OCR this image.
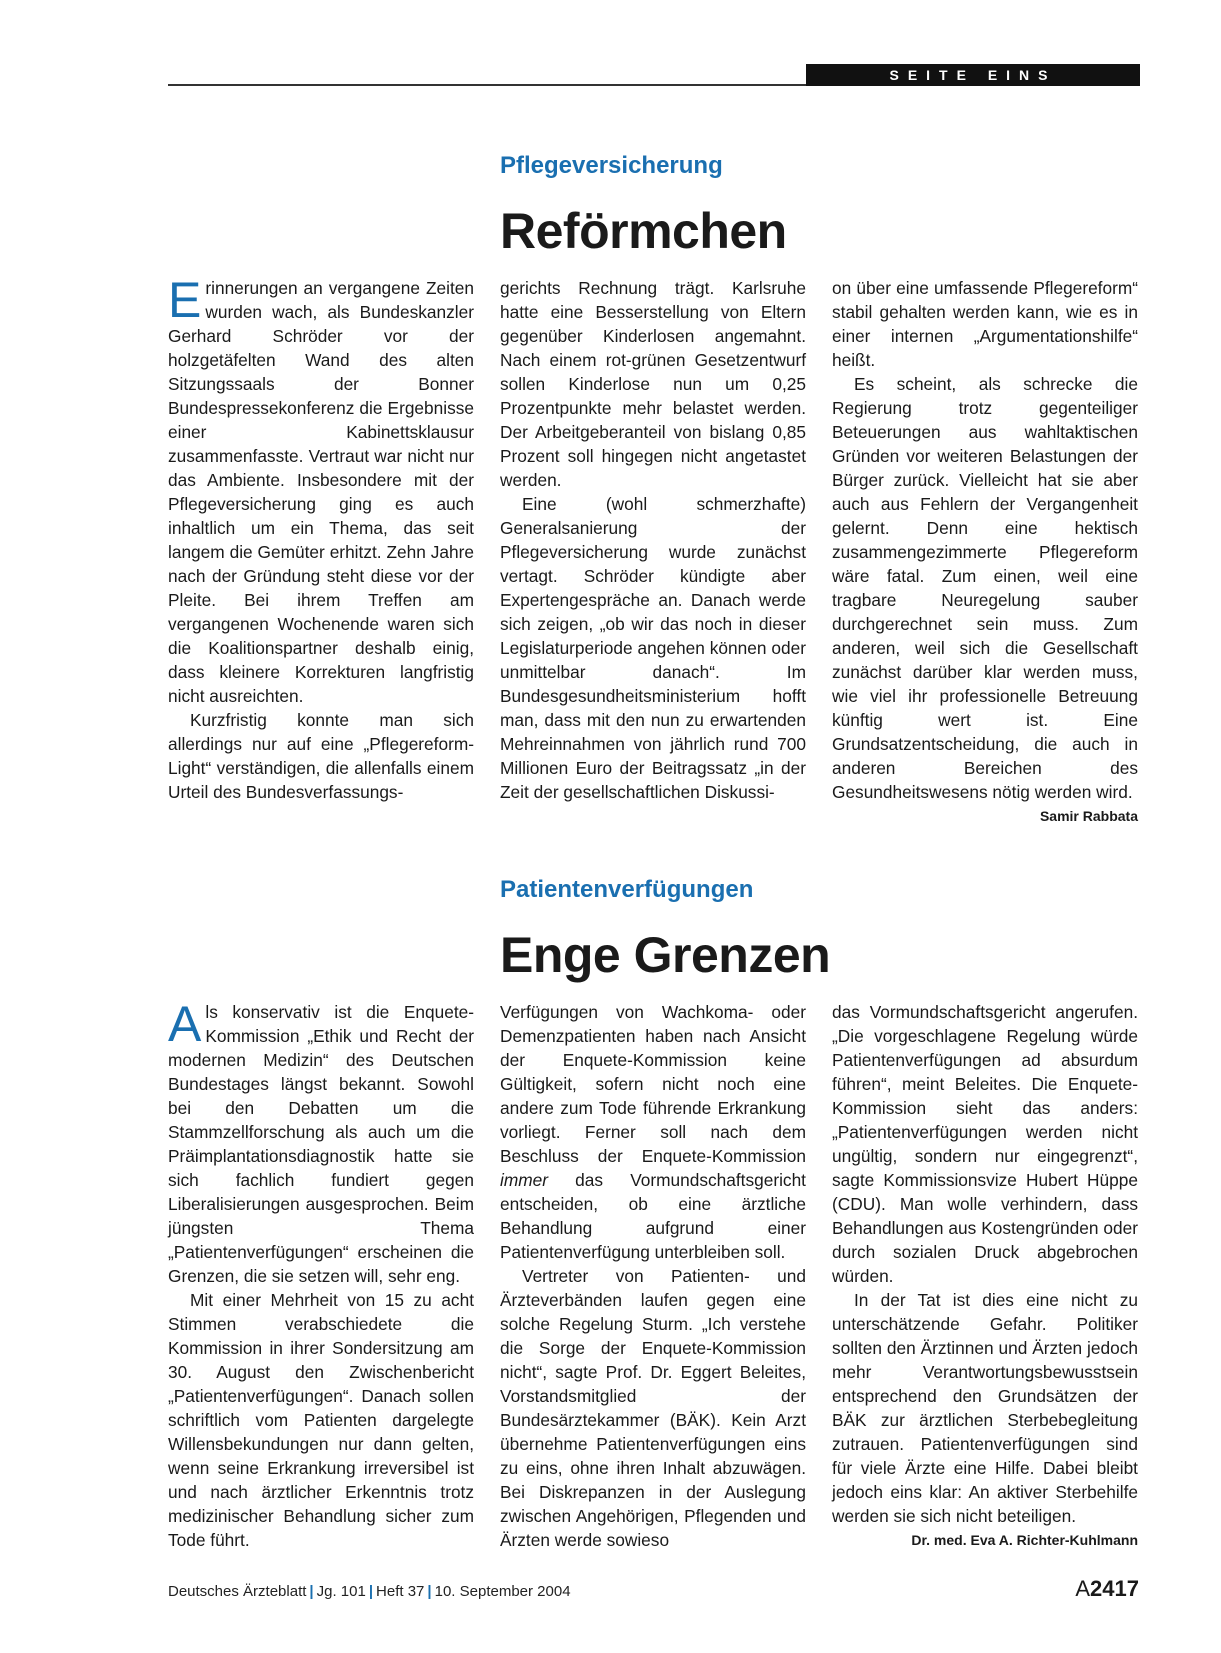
SEITE EINS
Pflegeversicherung
Reförmchen

Erinnerungen an vergangene Zeiten wurden wach, als Bundeskanzler Gerhard Schröder vor der holzgetäfelten Wand des alten Sitzungssaals der Bonner Bundespressekonferenz die Ergebnisse einer Kabinettsklausur zusammenfasste. Vertraut war nicht nur das Ambiente. Insbesondere mit der Pflegeversicherung ging es auch inhaltlich um ein Thema, das seit langem die Gemüter erhitzt. Zehn Jahre nach der Gründung steht diese vor der Pleite. Bei ihrem Treffen am vergangenen Wochenende waren sich die Koalitionspartner deshalb einig, dass kleinere Korrekturen langfristig nicht ausreichten.

Kurzfristig konnte man sich allerdings nur auf eine „Pflegereform-Light“ verständigen, die allenfalls einem Urteil des Bundesverfassungs-

gerichts Rechnung trägt. Karlsruhe hatte eine Besserstellung von Eltern gegenüber Kinderlosen angemahnt. Nach einem rot-grünen Gesetzentwurf sollen Kinderlose nun um 0,25 Prozentpunkte mehr belastet werden. Der Arbeitgeberanteil von bislang 0,85 Prozent soll hingegen nicht angetastet werden.

Eine (wohl schmerzhafte) Generalsanierung der Pflegeversicherung wurde zunächst vertagt. Schröder kündigte aber Expertengespräche an. Danach werde sich zeigen, „ob wir das noch in dieser Legislaturperiode angehen können oder unmittelbar danach“. Im Bundesgesundheitsministerium hofft man, dass mit den nun zu erwartenden Mehreinnahmen von jährlich rund 700 Millionen Euro der Beitragssatz „in der Zeit der gesellschaftlichen Diskussi-

on über eine umfassende Pflegereform“ stabil gehalten werden kann, wie es in einer internen „Argumentationshilfe“ heißt.

Es scheint, als schrecke die Regierung trotz gegenteiliger Beteuerungen aus wahltaktischen Gründen vor weiteren Belastungen der Bürger zurück. Vielleicht hat sie aber auch aus Fehlern der Vergangenheit gelernt. Denn eine hektisch zusammengezimmerte Pflegereform wäre fatal. Zum einen, weil eine tragbare Neuregelung sauber durchgerechnet sein muss. Zum anderen, weil sich die Gesellschaft zunächst darüber klar werden muss, wie viel ihr professionelle Betreuung künftig wert ist. Eine Grundsatzentscheidung, die auch in anderen Bereichen des Gesundheitswesens nötig werden wird.
Samir Rabbata

Patientenverfügungen
Enge Grenzen

Als konservativ ist die Enquete-Kommission „Ethik und Recht der modernen Medizin“ des Deutschen Bundestages längst bekannt. Sowohl bei den Debatten um die Stammzellforschung als auch um die Präimplantationsdiagnostik hatte sie sich fachlich fundiert gegen Liberalisierungen ausgesprochen. Beim jüngsten Thema „Patientenverfügungen“ erscheinen die Grenzen, die sie setzen will, sehr eng.

Mit einer Mehrheit von 15 zu acht Stimmen verabschiedete die Kommission in ihrer Sondersitzung am 30. August den Zwischenbericht „Patientenverfügungen“. Danach sollen schriftlich vom Patienten dargelegte Willensbekundungen nur dann gelten, wenn seine Erkrankung irreversibel ist und nach ärztlicher Erkenntnis trotz medizinischer Behandlung sicher zum Tode führt.

Verfügungen von Wachkoma- oder Demenzpatienten haben nach Ansicht der Enquete-Kommission keine Gültigkeit, sofern nicht noch eine andere zum Tode führende Erkrankung vorliegt. Ferner soll nach dem Beschluss der Enquete-Kommission immer das Vormundschaftsgericht entscheiden, ob eine ärztliche Behandlung aufgrund einer Patientenverfügung unterbleiben soll.

Vertreter von Patienten- und Ärzteverbänden laufen gegen eine solche Regelung Sturm. „Ich verstehe die Sorge der Enquete-Kommission nicht“, sagte Prof. Dr. Eggert Beleites, Vorstandsmitglied der Bundesärztekammer (BÄK). Kein Arzt übernehme Patientenverfügungen eins zu eins, ohne ihren Inhalt abzuwägen. Bei Diskrepanzen in der Auslegung zwischen Angehörigen, Pflegenden und Ärzten werde sowieso

das Vormundschaftsgericht angerufen. „Die vorgeschlagene Regelung würde Patientenverfügungen ad absurdum führen“, meint Beleites. Die Enquete-Kommission sieht das anders: „Patientenverfügungen werden nicht ungültig, sondern nur eingegrenzt“, sagte Kommissionsvize Hubert Hüppe (CDU). Man wolle verhindern, dass Behandlungen aus Kostengründen oder durch sozialen Druck abgebrochen würden.

In der Tat ist dies eine nicht zu unterschätzende Gefahr. Politiker sollten den Ärztinnen und Ärzten jedoch mehr Verantwortungsbewusstsein entsprechend den Grundsätzen der BÄK zur ärztlichen Sterbebegleitung zutrauen. Patientenverfügungen sind für viele Ärzte eine Hilfe. Dabei bleibt jedoch eins klar: An aktiver Sterbehilfe werden sie sich nicht beteiligen.
Dr. med. Eva A. Richter-Kuhlmann

Deutsches Ärzteblatt | Jg. 101 | Heft 37 | 10. September 2004	A2417
